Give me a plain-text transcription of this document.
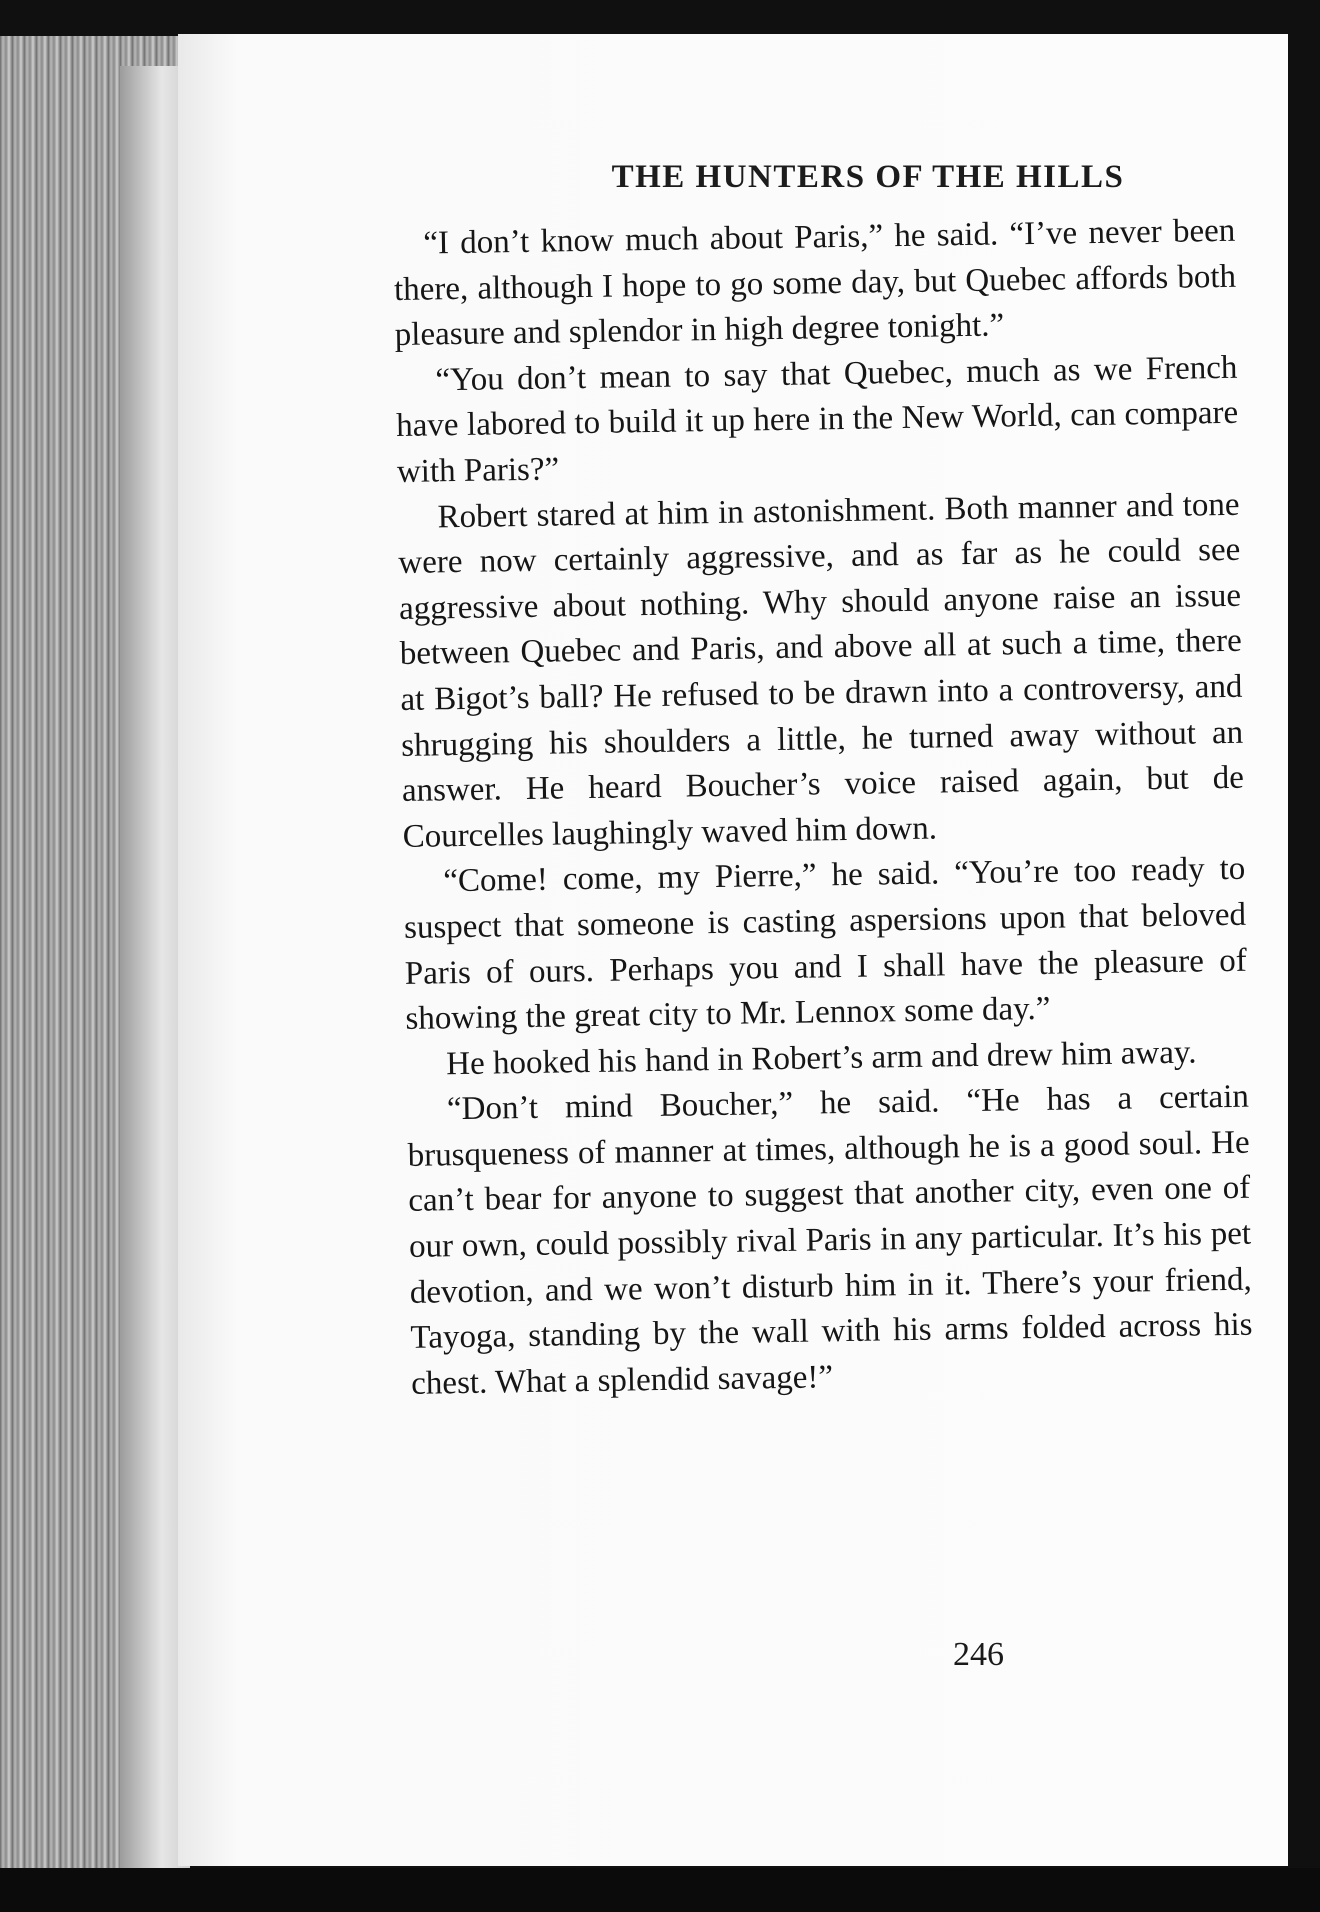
THE HUNTERS OF THE HILLS

“I don’t know much about Paris,” he said. “I’ve never been there, although I hope to go some day, but Quebec affords both pleasure and splendor in high degree tonight.”

“You don’t mean to say that Quebec, much as we French have labored to build it up here in the New World, can compare with Paris?”

Robert stared at him in astonishment. Both manner and tone were now certainly aggressive, and as far as he could see aggressive about nothing. Why should anyone raise an issue between Quebec and Paris, and above all at such a time, there at Bigot’s ball? He refused to be drawn into a controversy, and shrugging his shoulders a little, he turned away without an answer. He heard Boucher’s voice raised again, but de Courcelles laughingly waved him down.

“Come! come, my Pierre,” he said. “You’re too ready to suspect that someone is casting aspersions upon that beloved Paris of ours. Perhaps you and I shall have the pleasure of showing the great city to Mr. Lennox some day.”

He hooked his hand in Robert’s arm and drew him away.

“Don’t mind Boucher,” he said. “He has a certain brusqueness of manner at times, although he is a good soul. He can’t bear for anyone to suggest that another city, even one of our own, could possibly rival Paris in any particular. It’s his pet devotion, and we won’t disturb him in it. There’s your friend, Tayoga, standing by the wall with his arms folded across his chest. What a splendid savage!”

246
